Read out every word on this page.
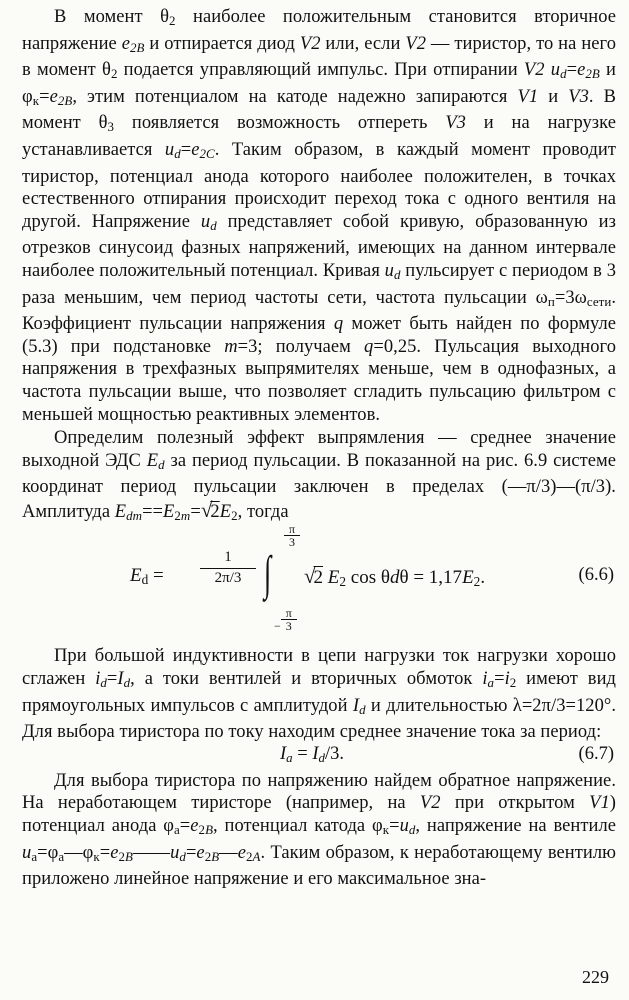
В момент $\theta_2$ наиболее положительным становится вторичное напряжение $e_{2B}$ и отпирается диод V2 или, если V2 — тиристор, то на него в момент $\theta_2$ подается управляющий импульс. При отпирании V2 $u_d=e_{2B}$ и $\varphi_к=e_{2B}$, этим потенциалом на катоде надежно запираются V1 и V3. В момент $\theta_3$ появляется возможность отпереть V3 и на нагрузке устанавливается $u_d=e_{2C}$. Таким образом, в каждый момент проводит тиристор, потенциал анода которого наиболее положителен, в точках естественного отпирания происходит переход тока с одного вентиля на другой. Напряжение $u_d$ представляет собой кривую, образованную из отрезков синусоид фазных напряжений, имеющих на данном интервале наиболее положительный потенциал. Кривая $u_d$ пульсирует с периодом в 3 раза меньшим, чем период частоты сети, частота пульсации $\omega_п=3\omega_{сети}$. Коэффициент пульсации напряжения q может быть найден по формуле (5.3) при подстановке m=3; получаем q=0,25. Пульсация выходного напряжения в трехфазных выпрямителях меньше, чем в однофазных, а частота пульсации выше, что позволяет сгладить пульсацию фильтром с меньшей мощностью реактивных элементов.

Определим полезный эффект выпрямления — среднее значение выходной ЭДС $E_d$ за период пульсации. В показанной на рис. 6.9 системе координат период пульсации заключен в пределах (—π/3)—(π/3). Амплитуда $E_{dm}==E_{2m}=√2E_2$, тогда

$E_d = \frac{1}{2\pi/3}$
π
3
∫
− $\frac{\pi}{3}$
√2 $E_2$ $\cos \theta d\theta = 1,17E_2$.	(6.6)

При большой индуктивности в цепи нагрузки ток нагрузки хорошо сглажен $i_d=I_d$, а токи вентилей и вторичных обмоток $i_a=i_2$ имеют вид прямоугольных импульсов с амплитудой $I_d$ и длительностью λ=2π/3=120°. Для выбора тиристора по току находим среднее значение тока за период:

$I_a = I_d/3$.	(6.7)

Для выбора тиристора по напряжению найдем обратное напряжение. На неработающем тиристоре (например, на V2 при открытом V1) потенциал анода $\varphi_a=e_{2B}$, потенциал катода $\varphi_к=u_d$, напряжение на вентиле $u_a=\varphi_a—\varphi_к=e_{2B}——u_d=e_{2B}—e_{2A}$. Таким образом, к неработающему вентилю приложено линейное напряжение и его максимальное зна-

229
